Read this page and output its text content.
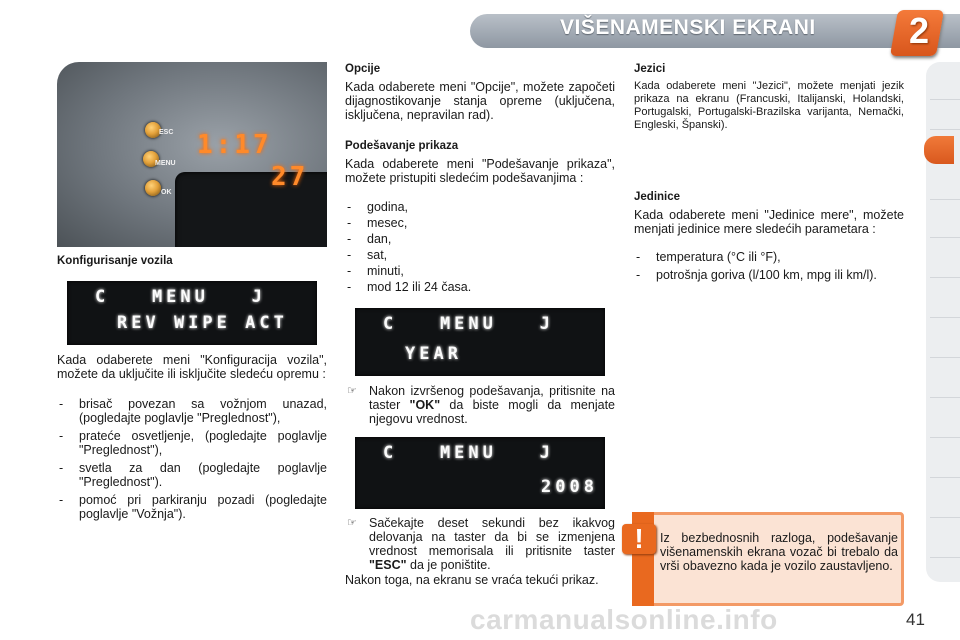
VIŠENAMENSKI EKRANI	2
ESC
MENU
OK
1:17
27
Konfigurisanje vozila
C   MENU   J
REV WIPE ACT
Kada odaberete meni "Konfiguracija vozila", možete da uključite ili isključite sledeću opremu :
- brisač povezan sa vožnjom unazad, (pogledajte poglavlje "Preglednost"),
- prateće osvetljenje, (pogledajte poglavlje "Preglednost"),
- svetla za dan (pogledajte poglavlje "Preglednost").
- pomoć pri parkiranju pozadi (pogledajte poglavlje "Vožnja").
Opcije
Kada odaberete meni "Opcije", možete započeti dijagnostikovanje stanja opreme (uključena, isključena, nepravilan rad).
Podešavanje prikaza
Kada odaberete meni "Podešavanje prikaza", možete pristupiti sledećim podešavanjima :
- godina,
- mesec,
- dan,
- sat,
- minuti,
- mod 12 ili 24 časa.
C   MENU   J
YEAR
☞ Nakon izvršenog podešavanja, pritisnite na taster "OK" da biste mogli da menjate njegovu vrednost.
C   MENU   J
2008
☞ Sačekajte deset sekundi bez ikakvog delovanja na taster da bi se izmenjena vrednost memorisala ili pritisnite taster "ESC" da je poništite.
Nakon toga, na ekranu se vraća tekući prikaz.
Jezici
Kada odaberete meni "Jezici", možete menjati jezik prikaza na ekranu (Francuski, Italijanski, Holandski, Portugalski, Portugalski-Brazilska varijanta, Nemački, Engleski, Španski).
Jedinice
Kada odaberete meni "Jedinice mere", možete menjati jedinice mere sledećih parametara :
- temperatura (°C ili °F),
- potrošnja goriva (l/100 km, mpg ili km/l).
!	Iz bezbednosnih razloga, podešavanje višenamenskih ekrana vozač bi trebalo da vrši obavezno kada je vozilo zaustavljeno.
carmanualsonline.info	41
